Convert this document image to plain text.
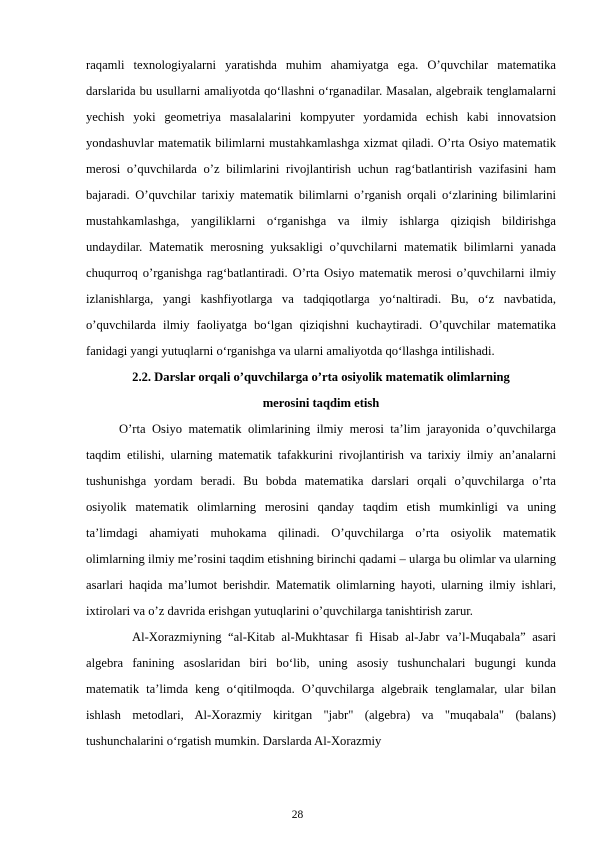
raqamli texnologiyalarni yaratishda muhim ahamiyatga ega. O’quvchilar matematika darslarida bu usullarni amaliyotda qo‘llashni o‘rganadilar. Masalan, algebraik tenglamalarni yechish yoki geometriya masalalarini kompyuter yordamida echish kabi innovatsion yondashuvlar matematik bilimlarni mustahkamlashga xizmat qiladi. O’rta Osiyo matematik merosi o’quvchilarda o’z bilimlarini rivojlantirish uchun rag‘batlantirish vazifasini ham bajaradi. O’quvchilar tarixiy matematik bilimlarni o’rganish orqali o‘zlarining bilimlarini mustahkamlashga, yangiliklarni o‘rganishga va ilmiy ishlarga qiziqish bildirishga undaydilar. Matematik merosning yuksakligi o’quvchilarni matematik bilimlarni yanada chuqurroq o’rganishga rag‘batlantiradi. O’rta Osiyo matematik merosi o’quvchilarni ilmiy izlanishlarga, yangi kashfiyotlarga va tadqiqotlarga yo‘naltiradi. Bu, o‘z navbatida, o’quvchilarda ilmiy faoliyatga bo‘lgan qiziqishni kuchaytiradi. O’quvchilar matematika fanidagi yangi yutuqlarni o‘rganishga va ularni amaliyotda qo‘llashga intilishadi.

2.2. Darslar orqali o’quvchilarga o’rta osiyolik matematik olimlarning
merosini taqdim etish

O’rta Osiyo matematik olimlarining ilmiy merosi ta’lim jarayonida o’quvchilarga taqdim etilishi, ularning matematik tafakkurini rivojlantirish va tarixiy ilmiy an’analarni tushunishga yordam beradi. Bu bobda matematika darslari orqali o’quvchilarga o’rta osiyolik matematik olimlarning merosini qanday taqdim etish mumkinligi va uning ta’limdagi ahamiyati muhokama qilinadi. O’quvchilarga o’rta osiyolik matematik olimlarning ilmiy me’rosini taqdim etishning birinchi qadami – ularga bu olimlar va ularning asarlari haqida ma’lumot berishdir. Matematik olimlarning hayoti, ularning ilmiy ishlari, ixtirolari va o’z davrida erishgan yutuqlarini o’quvchilarga tanishtirish zarur.

Al-Xorazmiyning “al-Kitab al-Mukhtasar fi Hisab al-Jabr va’l-Muqabala” asari algebra fanining asoslaridan biri bo‘lib, uning asosiy tushunchalari bugungi kunda matematik ta’limda keng o‘qitilmoqda. O’quvchilarga algebraik tenglamalar, ular bilan ishlash metodlari, Al-Xorazmiy kiritgan "jabr" (algebra) va "muqabala" (balans) tushunchalarini o‘rgatish mumkin. Darslarda Al-Xorazmiy

28
